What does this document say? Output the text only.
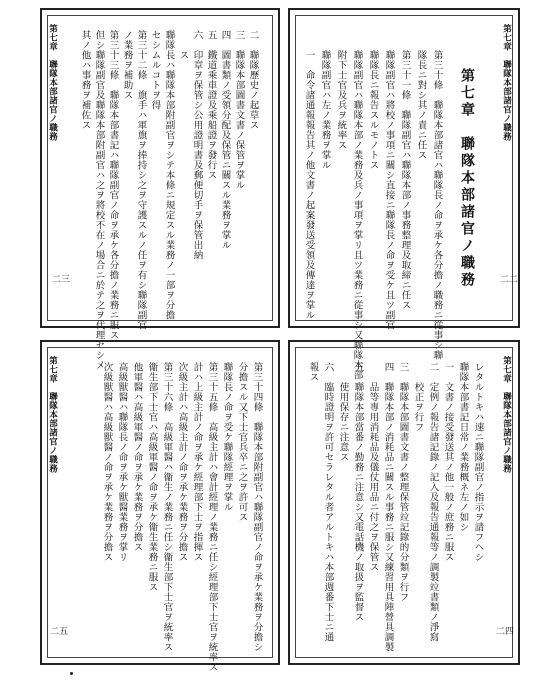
第七章　聯隊本部諸官ノ職務
二三
其ノ他ハ事務ヲ補佐ス 但シ聯隊副官及聯隊本部附副官ハ之ヲ將校不在ノ場合ニ於テ之ヲ代理セシメ 第三十三條　聯隊本部書記ハ聯隊副官ノ命ヲ承ケ各分擔ノ業務ニ服ス ノ業務ヲ補助ス 第三十二條　旗手ハ軍旗ヲ捧持シ之ヲ守護スルノ任ヲ有シ聯隊副官 セシムルコトヲ得 聯隊長ハ聯隊本部附副官ヲシテ本條ニ規定スル業務ノ一部ヲ分擔 　　ス 六　印章ヲ保管シ公用證明書及郵便切手ヲ保管出納 五　鐵道乘車證及乘船證ヲ發行ス 四　圖書類ノ受領分配及保管ニ關スル業務ヲ掌ル 三　聯隊本部圖書文書ノ保管ヲ掌ル 二　聯隊歷史ノ起草ス	第七章　聯隊本部諸官ノ職務
二二
一　命令諸通報報告其ノ他文書ノ起案發送受領及傳達ヲ掌ル 聯隊副官ハ左ノ業務ヲ掌ル 附下士官及兵ヲ統率ス 聯隊副官ハ聯隊本部ノ業務及兵ノ事項ヲ掌リ且ツ業務ニ從事シ又聯隊本部 聯隊長ニ報告スルモノトス 聯隊副官ハ將校ノ事項ニ關シ直接ニ聯隊長ノ命ヲ受ケ且ツ副官 第三十一條　聯隊副官ハ聯隊本部ノ事務整理及取締ニ任ス 隊長ニ對シ其ノ責ニ任ス 第三十條　聯隊本部諸官ハ聯隊長ノ命ヲ承ケ各分擔ノ職務ニ從事シ聯 第七章　聯隊本部諸官ノ職務
第七章　聯隊本部諸官ノ職務
二五
次級獸醫ハ高級獸醫ノ命ヲ承ケ業務ヲ分擔ス 高級獸醫ハ聯隊長ノ命ヲ承ケ獸醫業務ヲ掌リ 他軍醫ハ高級軍醫ノ命ヲ承ケ業務ヲ分擔ス 衞生部下士官ハ高級軍醫ノ命ヲ承ケ衞生業務ニ服ス 第三十六條　高級軍醫ハ衞生ノ業務ニ任シ衞生部下士官ヲ統率ス 次級主計ハ高級主計ノ命ヲ承ケ業務ヲ分擔ス 計ハ上級主計ノ命ヲ承ケ經理部下士ヲ指揮ス 第三十五條　高級主計ハ會計經理ノ業務ニ任シ經理部下士官ヲ統率ス 聯隊長ノ命ヲ受ケ聯隊經理ヲ掌ル 分擔スル又下士官兵卒ニ之ヲ許可ス 第三十四條　聯隊本部附副官ハ聯隊副官ノ命ヲ承ケ業務ヲ分擔シ	第七章　聯隊本部諸官ノ職務
二四
報ス 六　臨時證明ヲ許可セラレタル者アルトキハ本部週番下士ニ通 　　使用保存ニ注意ス 五　聯隊本部當番ノ勤務ニ注意シ又電話機ノ取扱ヲ監督ス 　　品等專用消耗品及儀仗用品ニ付之ヲ保管ス 四　聯隊本部ノ消耗品ニ關スル事務ニ服シ又練習用具陣營具調製 三　聯隊本部圖書文書ノ整理保管竝記錄的分類ヲ行フ 　　校正ヲ行フ 二　定例ノ報告諸記錄ノ記入及報告通報等ノ調製竝書類ノ淨寫 一　文書ノ接受發送其ノ他一般ノ庶務ニ服ス 聯隊本部書記日常ノ業務概ネ左ノ如シ レタルトキハ速ニ聯隊副官ノ指示ヲ請フヘシ
